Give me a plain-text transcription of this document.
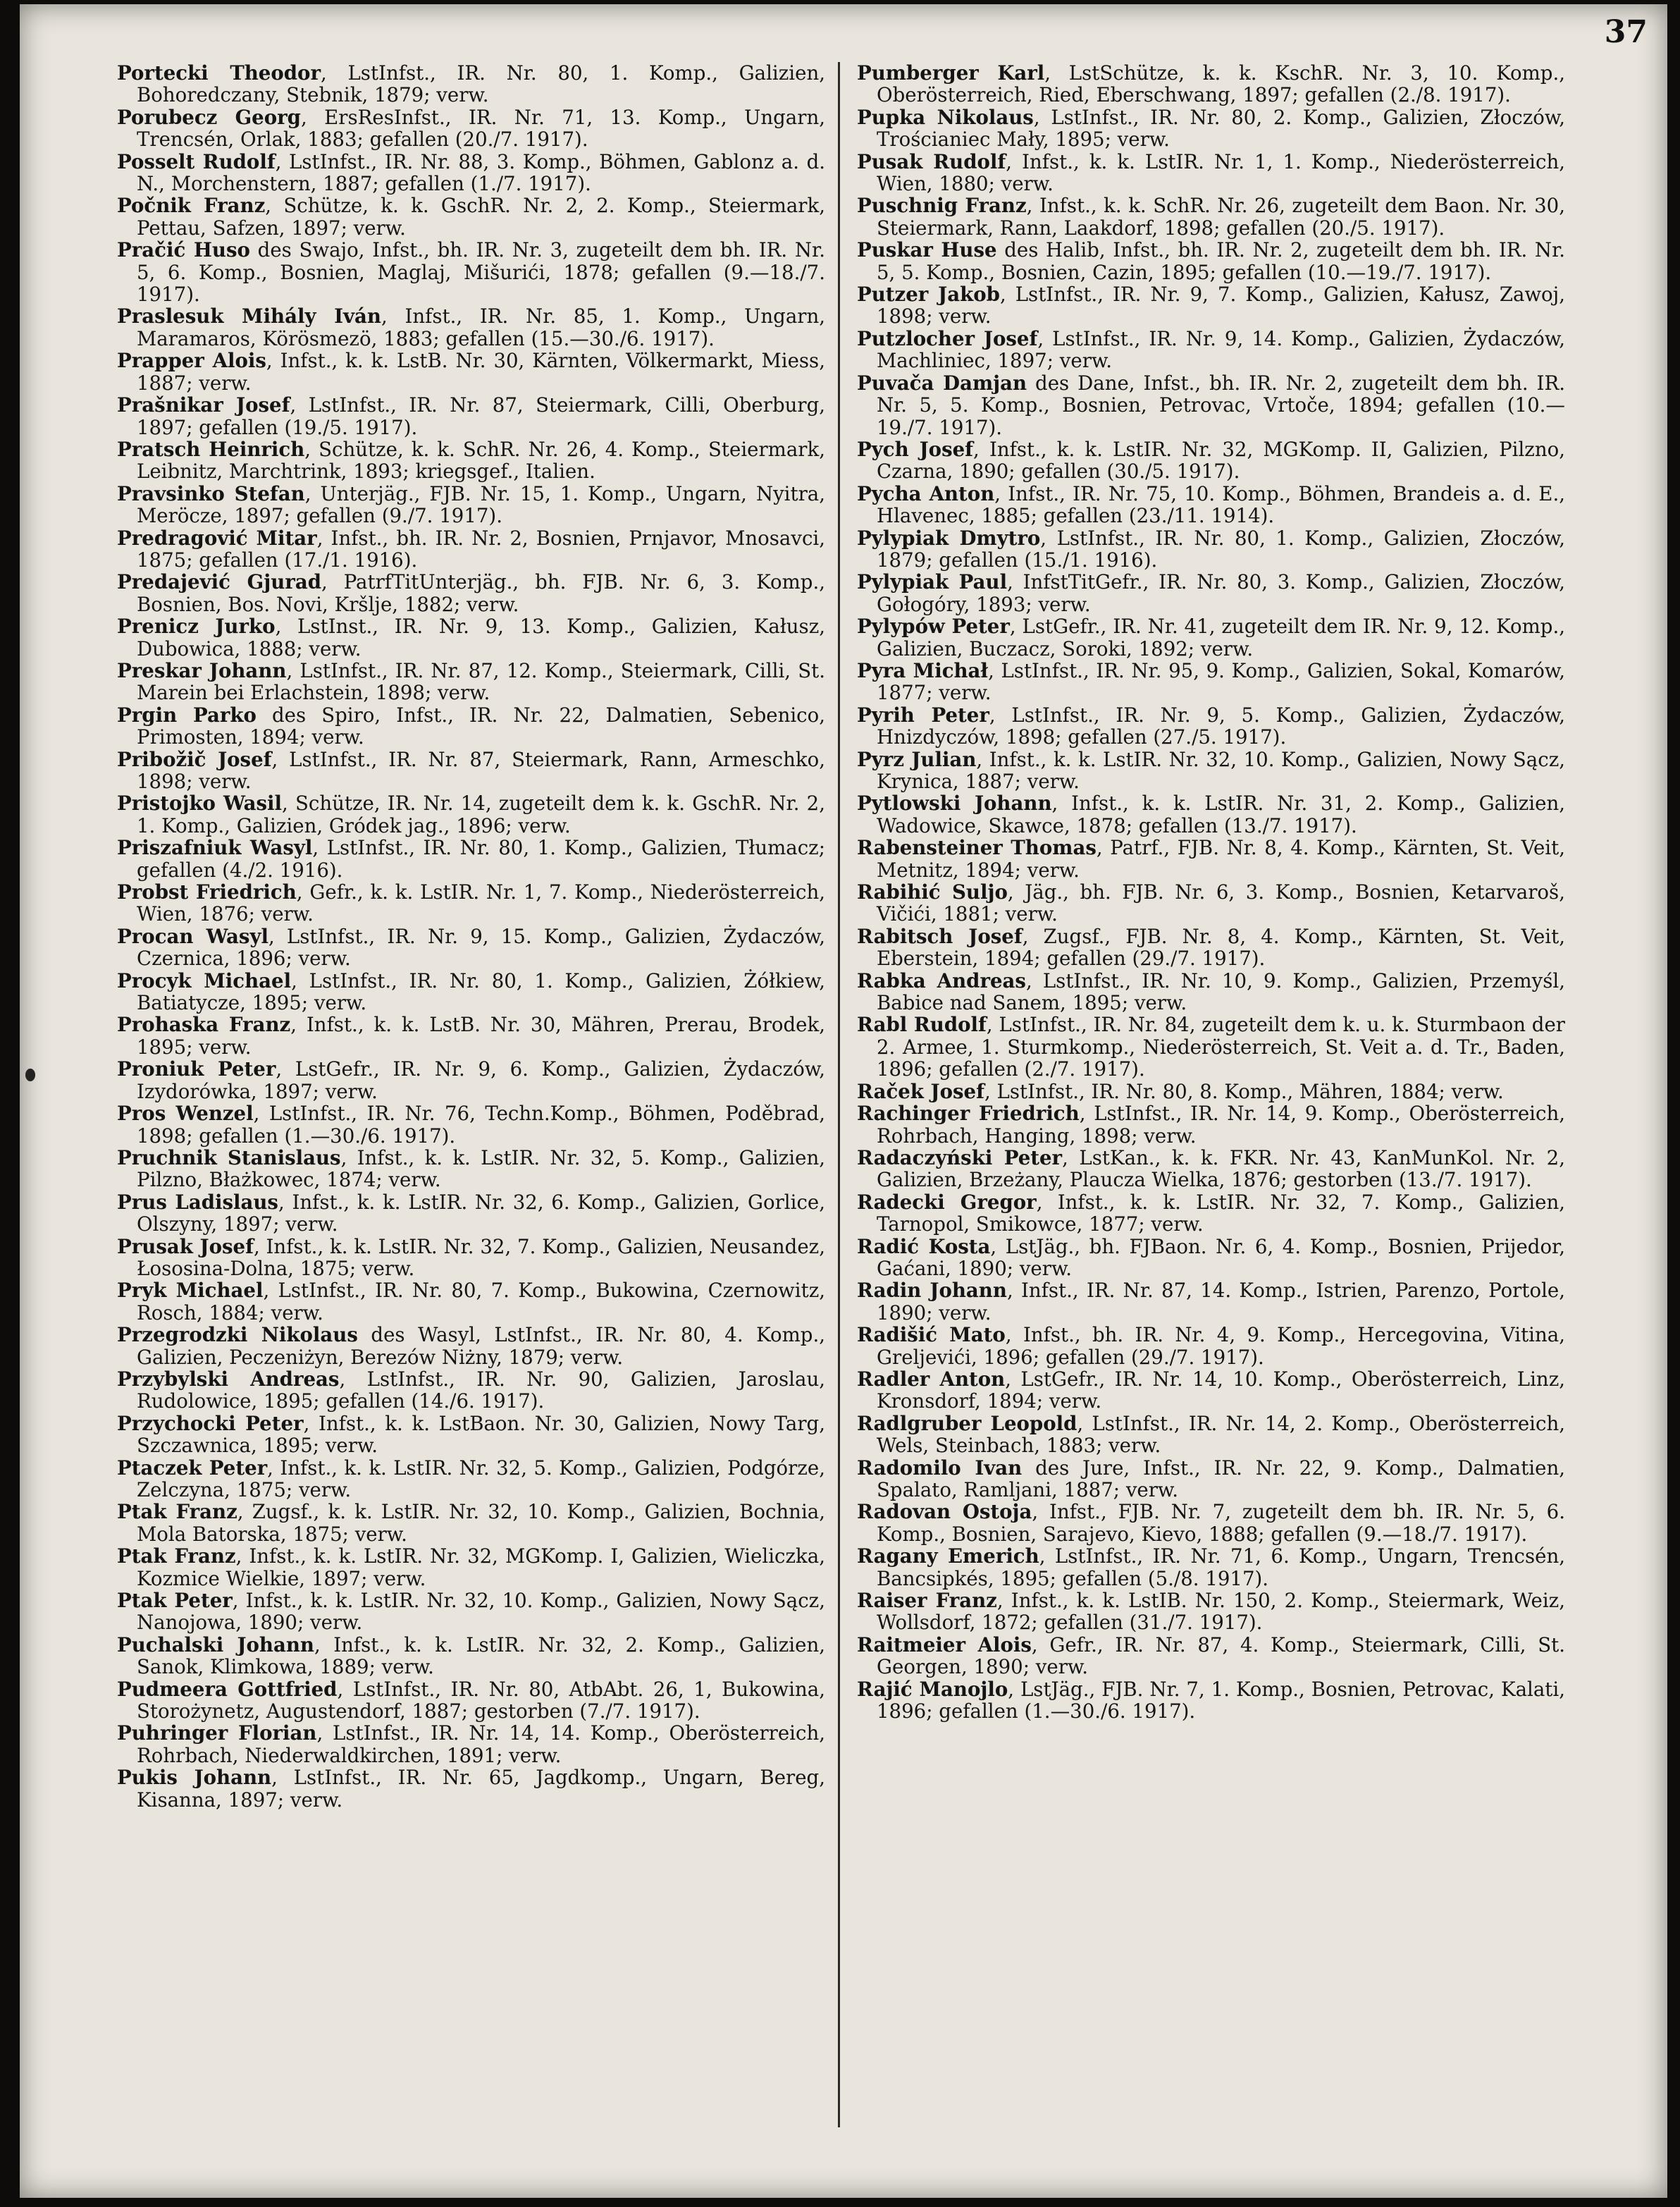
37

Portecki Theodor, LstInfst., IR. Nr. 80, 1. Komp., Galizien, Bohoredczany, Stebnik, 1879; verw.

Porubecz Georg, ErsResInfst., IR. Nr. 71, 13. Komp., Ungarn, Trencsén, Orlak, 1883; gefallen (20./7. 1917).

Posselt Rudolf, LstInfst., IR. Nr. 88, 3. Komp., Böhmen, Gablonz a. d. N., Morchenstern, 1887; gefallen (1./7. 1917).

Počnik Franz, Schütze, k. k. GschR. Nr. 2, 2. Komp., Steiermark, Pettau, Safzen, 1897; verw.

Pračić Huso des Swajo, Infst., bh. IR. Nr. 3, zugeteilt dem bh. IR. Nr. 5, 6. Komp., Bosnien, Maglaj, Mišurići, 1878; gefallen (9.—18./7. 1917).

Praslesuk Mihály Iván, Infst., IR. Nr. 85, 1. Komp., Ungarn, Maramaros, Körösmezö, 1883; gefallen (15.—30./6. 1917).

Prapper Alois, Infst., k. k. LstB. Nr. 30, Kärnten, Völkermarkt, Miess, 1887; verw.

Prašnikar Josef, LstInfst., IR. Nr. 87, Steiermark, Cilli, Oberburg, 1897; gefallen (19./5. 1917).

Pratsch Heinrich, Schütze, k. k. SchR. Nr. 26, 4. Komp., Steiermark, Leibnitz, Marchtrink, 1893; kriegsgef., Italien.

Pravsinko Stefan, Unterjäg., FJB. Nr. 15, 1. Komp., Ungarn, Nyitra, Meröcze, 1897; gefallen (9./7. 1917).

Predragović Mitar, Infst., bh. IR. Nr. 2, Bosnien, Prnjavor, Mnosavci, 1875; gefallen (17./1. 1916).

Predajević Gjurad, PatrfTitUnterjäg., bh. FJB. Nr. 6, 3. Komp., Bosnien, Bos. Novi, Kršlje, 1882; verw.

Prenicz Jurko, LstInst., IR. Nr. 9, 13. Komp., Galizien, Kałusz, Dubowica, 1888; verw.

Preskar Johann, LstInfst., IR. Nr. 87, 12. Komp., Steiermark, Cilli, St. Marein bei Erlachstein, 1898; verw.

Prgin Parko des Spiro, Infst., IR. Nr. 22, Dalmatien, Sebenico, Primosten, 1894; verw.

Pribožič Josef, LstInfst., IR. Nr. 87, Steiermark, Rann, Armeschko, 1898; verw.

Pristojko Wasil, Schütze, IR. Nr. 14, zugeteilt dem k. k. GschR. Nr. 2, 1. Komp., Galizien, Gródek jag., 1896; verw.

Priszafniuk Wasyl, LstInfst., IR. Nr. 80, 1. Komp., Galizien, Tłumacz; gefallen (4./2. 1916).

Probst Friedrich, Gefr., k. k. LstIR. Nr. 1, 7. Komp., Niederösterreich, Wien, 1876; verw.

Procan Wasyl, LstInfst., IR. Nr. 9, 15. Komp., Galizien, Żydaczów, Czernica, 1896; verw.

Procyk Michael, LstInfst., IR. Nr. 80, 1. Komp., Galizien, Żółkiew, Batiatycze, 1895; verw.

Prohaska Franz, Infst., k. k. LstB. Nr. 30, Mähren, Prerau, Brodek, 1895; verw.

Proniuk Peter, LstGefr., IR. Nr. 9, 6. Komp., Galizien, Żydaczów, Izydorówka, 1897; verw.

Pros Wenzel, LstInfst., IR. Nr. 76, Techn.Komp., Böhmen, Poděbrad, 1898; gefallen (1.—30./6. 1917).

Pruchnik Stanislaus, Infst., k. k. LstIR. Nr. 32, 5. Komp., Galizien, Pilzno, Błażkowec, 1874; verw.

Prus Ladislaus, Infst., k. k. LstIR. Nr. 32, 6. Komp., Galizien, Gorlice, Olszyny, 1897; verw.

Prusak Josef, Infst., k. k. LstIR. Nr. 32, 7. Komp., Galizien, Neusandez, Łososina-Dolna, 1875; verw.

Pryk Michael, LstInfst., IR. Nr. 80, 7. Komp., Bukowina, Czernowitz, Rosch, 1884; verw.

Przegrodzki Nikolaus des Wasyl, LstInfst., IR. Nr. 80, 4. Komp., Galizien, Peczeniżyn, Berezów Niżny, 1879; verw.

Przybylski Andreas, LstInfst., IR. Nr. 90, Galizien, Jaroslau, Rudolowice, 1895; gefallen (14./6. 1917).

Przychocki Peter, Infst., k. k. LstBaon. Nr. 30, Galizien, Nowy Targ, Szczawnica, 1895; verw.

Ptaczek Peter, Infst., k. k. LstIR. Nr. 32, 5. Komp., Galizien, Podgórze, Zelczyna, 1875; verw.

Ptak Franz, Zugsf., k. k. LstIR. Nr. 32, 10. Komp., Galizien, Bochnia, Mola Batorska, 1875; verw.

Ptak Franz, Infst., k. k. LstIR. Nr. 32, MGKomp. I, Galizien, Wieliczka, Kozmice Wielkie, 1897; verw.

Ptak Peter, Infst., k. k. LstIR. Nr. 32, 10. Komp., Galizien, Nowy Sącz, Nanojowa, 1890; verw.

Puchalski Johann, Infst., k. k. LstIR. Nr. 32, 2. Komp., Galizien, Sanok, Klimkowa, 1889; verw.

Pudmeera Gottfried, LstInfst., IR. Nr. 80, AtbAbt. 26, 1, Bukowina, Storożynetz, Augustendorf, 1887; gestorben (7./7. 1917).

Puhringer Florian, LstInfst., IR. Nr. 14, 14. Komp., Oberösterreich, Rohrbach, Niederwaldkirchen, 1891; verw.

Pukis Johann, LstInfst., IR. Nr. 65, Jagdkomp., Ungarn, Bereg, Kisanna, 1897; verw.

Pumberger Karl, LstSchütze, k. k. KschR. Nr. 3, 10. Komp., Oberösterreich, Ried, Eberschwang, 1897; gefallen (2./8. 1917).

Pupka Nikolaus, LstInfst., IR. Nr. 80, 2. Komp., Galizien, Złoczów, Trościaniec Mały, 1895; verw.

Pusak Rudolf, Infst., k. k. LstIR. Nr. 1, 1. Komp., Niederösterreich, Wien, 1880; verw.

Puschnig Franz, Infst., k. k. SchR. Nr. 26, zugeteilt dem Baon. Nr. 30, Steiermark, Rann, Laakdorf, 1898; gefallen (20./5. 1917).

Puskar Huse des Halib, Infst., bh. IR. Nr. 2, zugeteilt dem bh. IR. Nr. 5, 5. Komp., Bosnien, Cazin, 1895; gefallen (10.—19./7. 1917).

Putzer Jakob, LstInfst., IR. Nr. 9, 7. Komp., Galizien, Kałusz, Zawoj, 1898; verw.

Putzlocher Josef, LstInfst., IR. Nr. 9, 14. Komp., Galizien, Żydaczów, Machliniec, 1897; verw.

Puvača Damjan des Dane, Infst., bh. IR. Nr. 2, zugeteilt dem bh. IR. Nr. 5, 5. Komp., Bosnien, Petrovac, Vrtoče, 1894; gefallen (10.—19./7. 1917).

Pych Josef, Infst., k. k. LstIR. Nr. 32, MGKomp. II, Galizien, Pilzno, Czarna, 1890; gefallen (30./5. 1917).

Pycha Anton, Infst., IR. Nr. 75, 10. Komp., Böhmen, Brandeis a. d. E., Hlavenec, 1885; gefallen (23./11. 1914).

Pylypiak Dmytro, LstInfst., IR. Nr. 80, 1. Komp., Galizien, Złoczów, 1879; gefallen (15./1. 1916).

Pylypiak Paul, InfstTitGefr., IR. Nr. 80, 3. Komp., Galizien, Złoczów, Gołogóry, 1893; verw.

Pylypów Peter, LstGefr., IR. Nr. 41, zugeteilt dem IR. Nr. 9, 12. Komp., Galizien, Buczacz, Soroki, 1892; verw.

Pyra Michał, LstInfst., IR. Nr. 95, 9. Komp., Galizien, Sokal, Komarów, 1877; verw.

Pyrih Peter, LstInfst., IR. Nr. 9, 5. Komp., Galizien, Żydaczów, Hnizdyczów, 1898; gefallen (27./5. 1917).

Pyrz Julian, Infst., k. k. LstIR. Nr. 32, 10. Komp., Galizien, Nowy Sącz, Krynica, 1887; verw.

Pytlowski Johann, Infst., k. k. LstIR. Nr. 31, 2. Komp., Galizien, Wadowice, Skawce, 1878; gefallen (13./7. 1917).

Rabensteiner Thomas, Patrf., FJB. Nr. 8, 4. Komp., Kärnten, St. Veit, Metnitz, 1894; verw.

Rabihić Suljo, Jäg., bh. FJB. Nr. 6, 3. Komp., Bosnien, Ketarvaroš, Vičići, 1881; verw.

Rabitsch Josef, Zugsf., FJB. Nr. 8, 4. Komp., Kärnten, St. Veit, Eberstein, 1894; gefallen (29./7. 1917).

Rabka Andreas, LstInfst., IR. Nr. 10, 9. Komp., Galizien, Przemyśl, Babice nad Sanem, 1895; verw.

Rabl Rudolf, LstInfst., IR. Nr. 84, zugeteilt dem k. u. k. Sturmbaon der 2. Armee, 1. Sturmkomp., Niederösterreich, St. Veit a. d. Tr., Baden, 1896; gefallen (2./7. 1917).

Raček Josef, LstInfst., IR. Nr. 80, 8. Komp., Mähren, 1884; verw.

Rachinger Friedrich, LstInfst., IR. Nr. 14, 9. Komp., Oberösterreich, Rohrbach, Hanging, 1898; verw.

Radaczyński Peter, LstKan., k. k. FKR. Nr. 43, KanMunKol. Nr. 2, Galizien, Brzeżany, Plaucza Wielka, 1876; gestorben (13./7. 1917).

Radecki Gregor, Infst., k. k. LstIR. Nr. 32, 7. Komp., Galizien, Tarnopol, Smikowce, 1877; verw.

Radić Kosta, LstJäg., bh. FJBaon. Nr. 6, 4. Komp., Bosnien, Prijedor, Gaćani, 1890; verw.

Radin Johann, Infst., IR. Nr. 87, 14. Komp., Istrien, Parenzo, Portole, 1890; verw.

Radišić Mato, Infst., bh. IR. Nr. 4, 9. Komp., Hercegovina, Vitina, Greljevići, 1896; gefallen (29./7. 1917).

Radler Anton, LstGefr., IR. Nr. 14, 10. Komp., Oberösterreich, Linz, Kronsdorf, 1894; verw.

Radlgruber Leopold, LstInfst., IR. Nr. 14, 2. Komp., Oberösterreich, Wels, Steinbach, 1883; verw.

Radomilo Ivan des Jure, Infst., IR. Nr. 22, 9. Komp., Dalmatien, Spalato, Ramljani, 1887; verw.

Radovan Ostoja, Infst., FJB. Nr. 7, zugeteilt dem bh. IR. Nr. 5, 6. Komp., Bosnien, Sarajevo, Kievo, 1888; gefallen (9.—18./7. 1917).

Ragany Emerich, LstInfst., IR. Nr. 71, 6. Komp., Ungarn, Trencsén, Bancsipkés, 1895; gefallen (5./8. 1917).

Raiser Franz, Infst., k. k. LstIB. Nr. 150, 2. Komp., Steiermark, Weiz, Wollsdorf, 1872; gefallen (31./7. 1917).

Raitmeier Alois, Gefr., IR. Nr. 87, 4. Komp., Steiermark, Cilli, St. Georgen, 1890; verw.

Rajić Manojlo, LstJäg., FJB. Nr. 7, 1. Komp., Bosnien, Petrovac, Kalati, 1896; gefallen (1.—30./6. 1917).
